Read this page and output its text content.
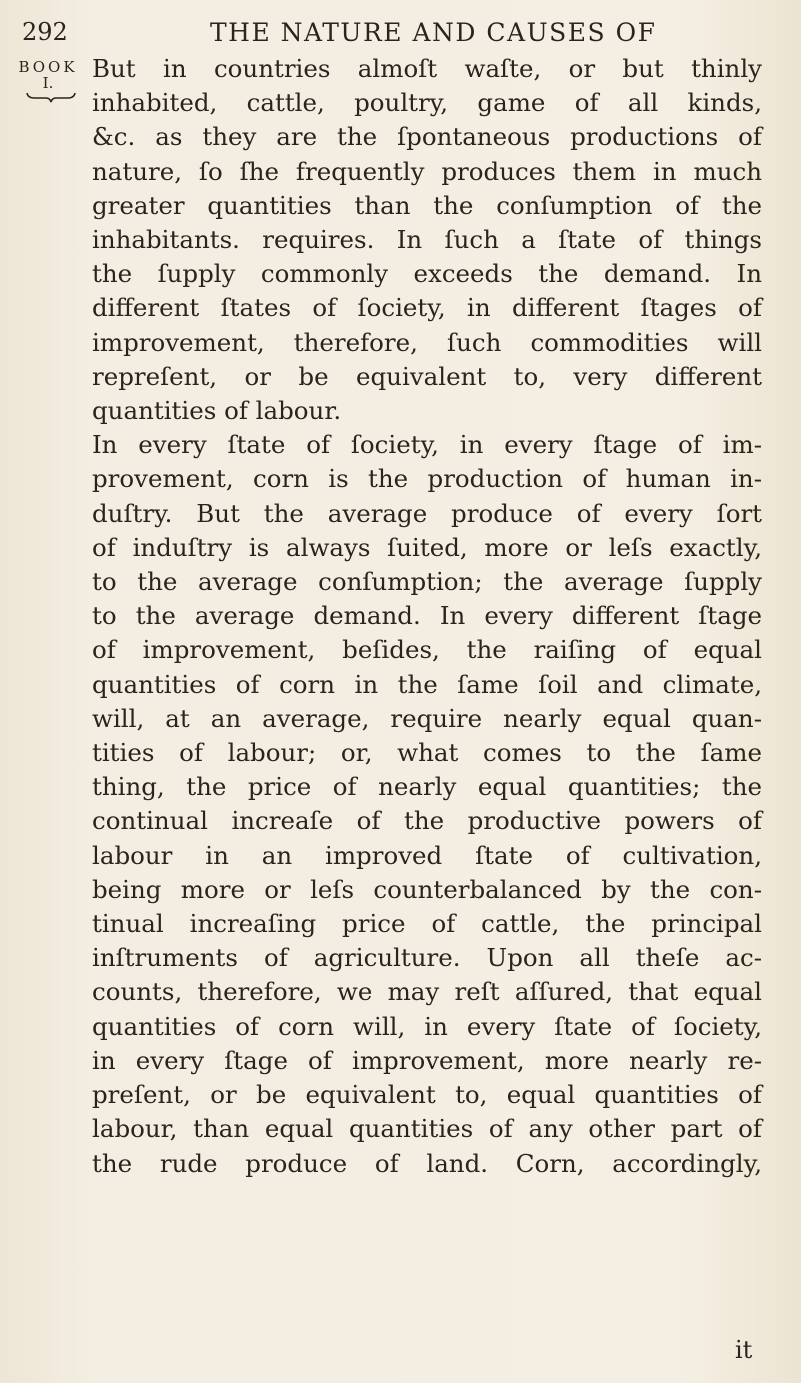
292	THE NATURE AND CAUSES OF
BOOK
I.	But in countries almoſt waſte, or but thinly
inhabited, cattle, poultry, game of all kinds,
&c. as they are the ſpontaneous productions of
nature, ſo ſhe frequently produces them in much
greater quantities than the conſumption of the
inhabitants. requires. In ſuch a ſtate of things
the ſupply commonly exceeds the demand. In
different ſtates of ſociety, in different ſtages of
improvement, therefore, ſuch commodities will
repreſent, or be equivalent to, very different
quantities of labour.
In every ſtate of ſociety, in every ſtage of im-
provement, corn is the production of human in-
duſtry. But the average produce of every ſort
of induſtry is always ſuited, more or leſs exactly,
to the average conſumption; the average ſupply
to the average demand. In every different ſtage
of improvement, beſides, the raiſing of equal
quantities of corn in the ſame ſoil and climate,
will, at an average, require nearly equal quan-
tities of labour; or, what comes to the ſame
thing, the price of nearly equal quantities; the
continual increaſe of the productive powers of
labour in an improved ſtate of cultivation,
being more or leſs counterbalanced by the con-
tinual increaſing price of cattle, the principal
inſtruments of agriculture. Upon all theſe ac-
counts, therefore, we may reſt aſſured, that equal
quantities of corn will, in every ſtate of ſociety,
in every ſtage of improvement, more nearly re-
preſent, or be equivalent to, equal quantities of
labour, than equal quantities of any other part of
the rude produce of land. Corn, accordingly,
it
